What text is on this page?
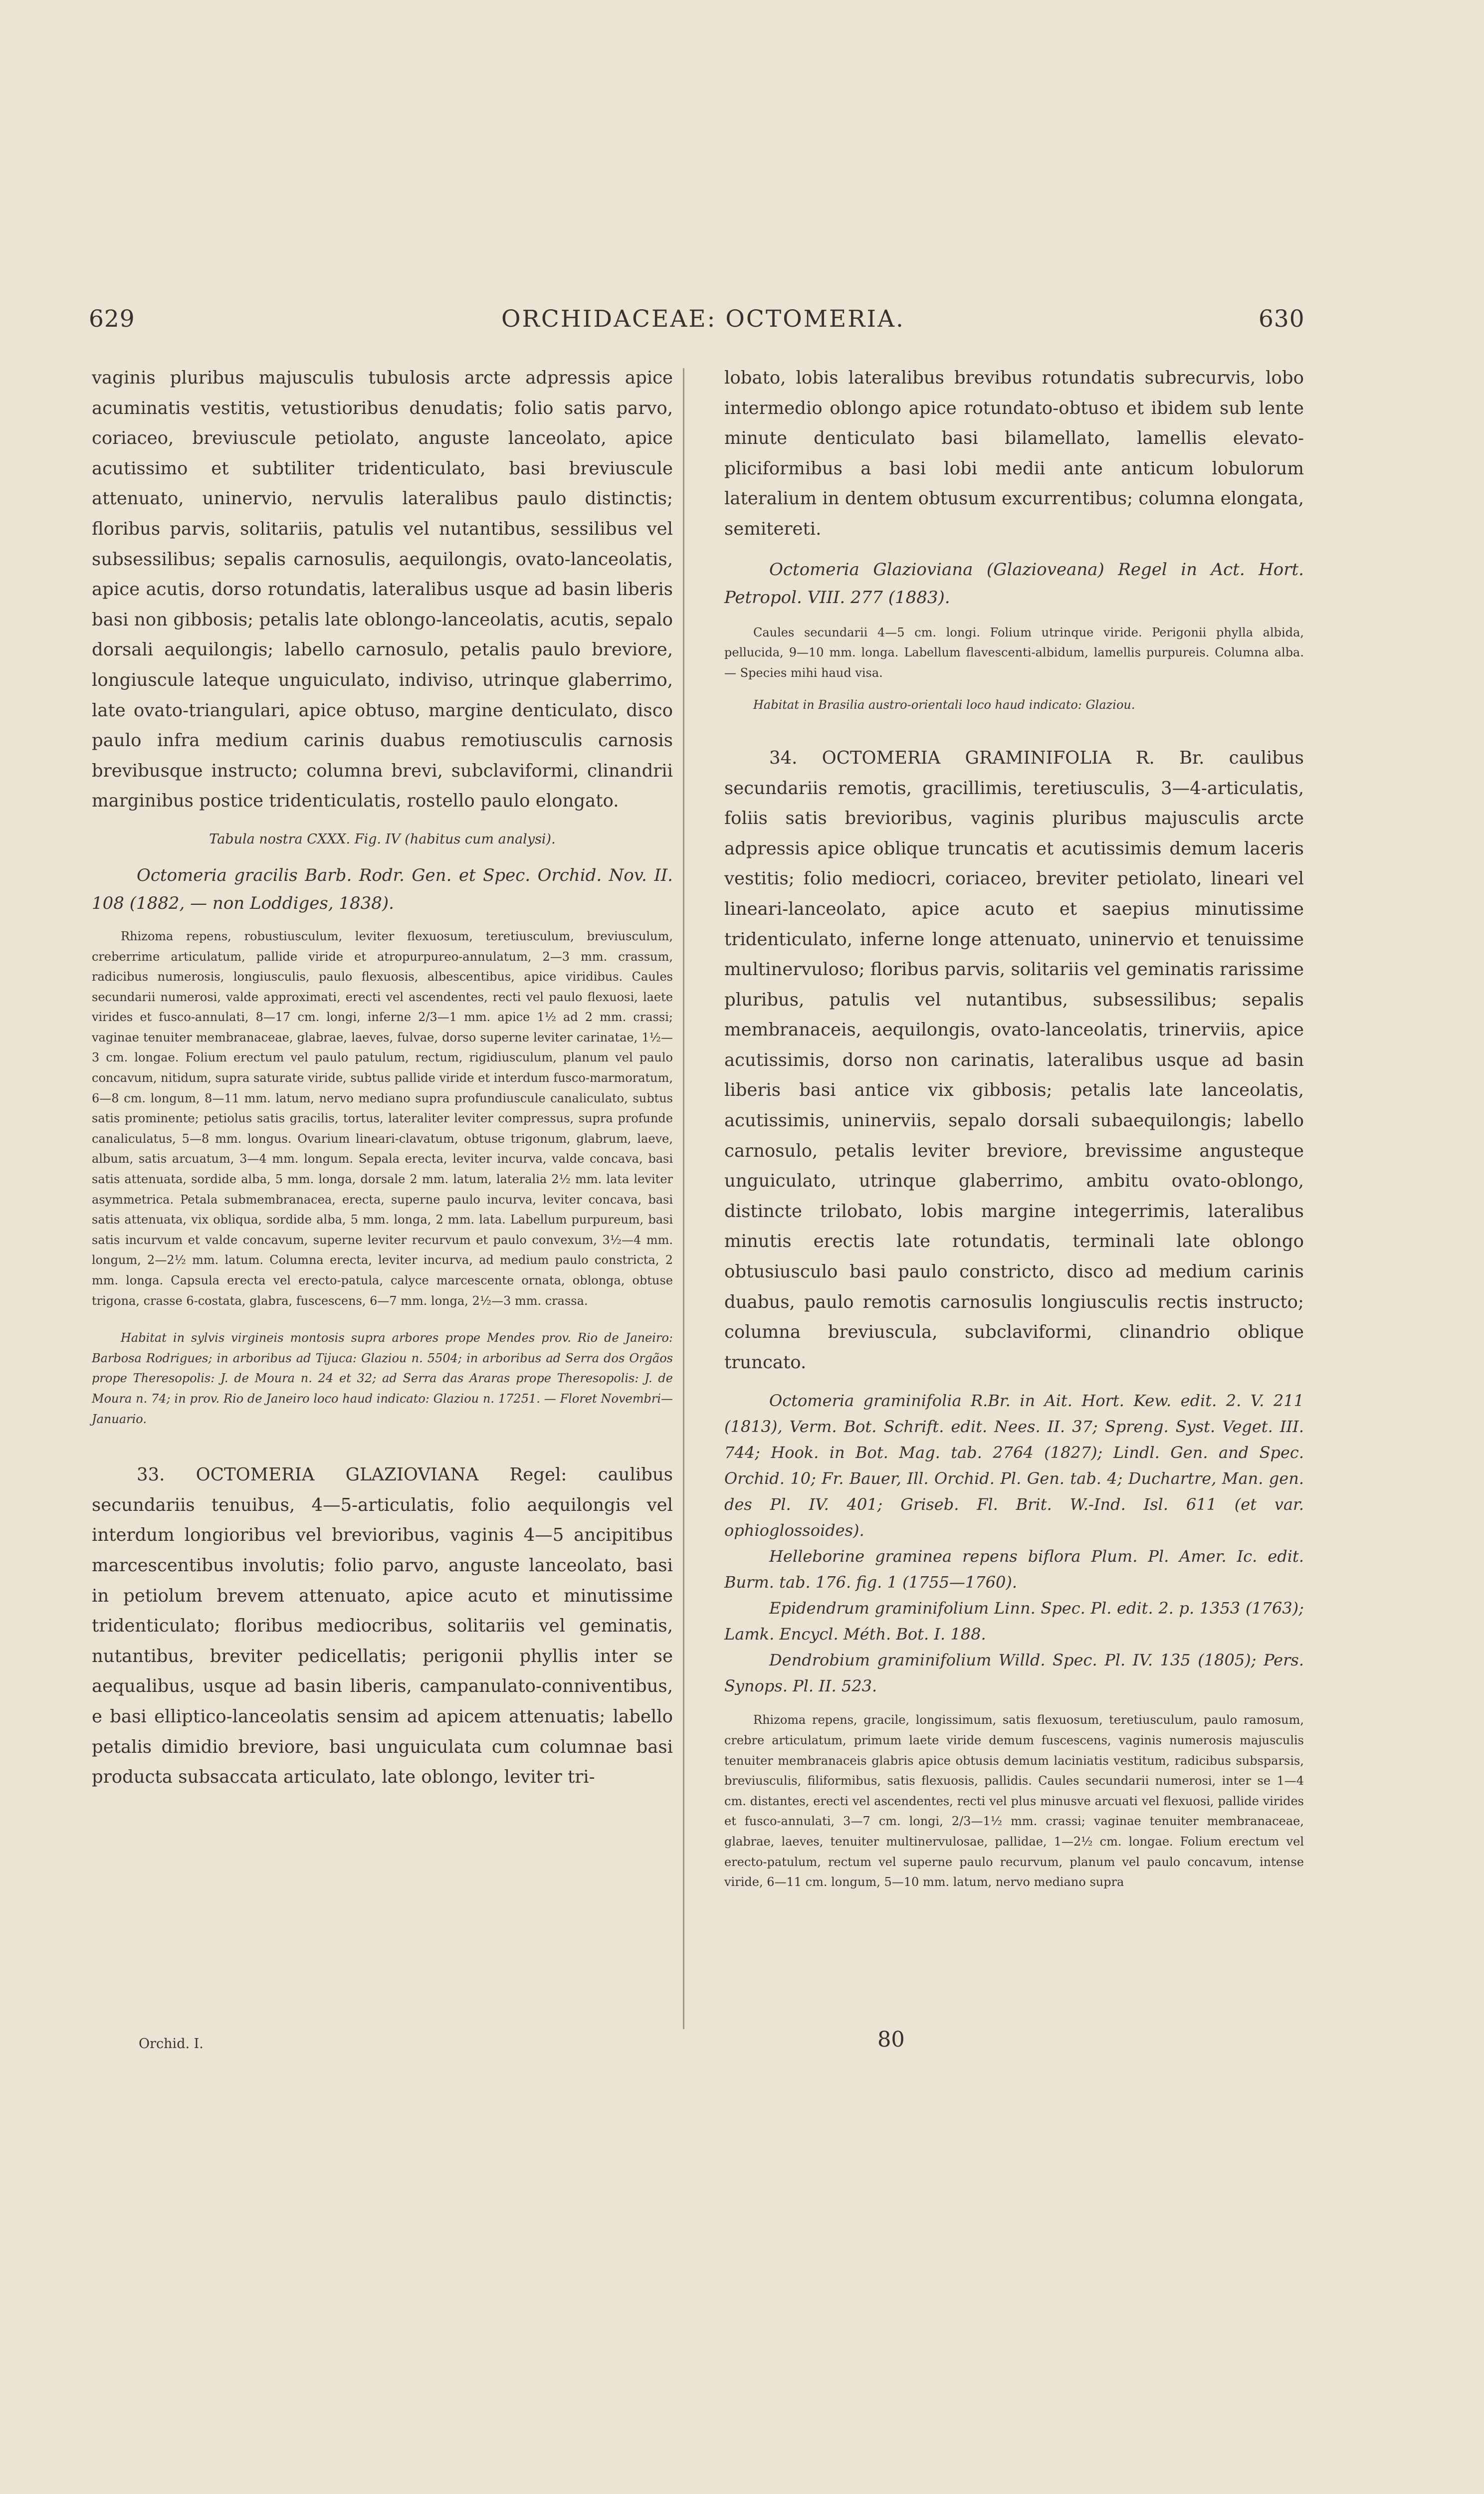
629	ORCHIDACEAE: OCTOMERIA.	630

vaginis pluribus majusculis tubulosis arcte adpressis apice acuminatis vestitis, vetustioribus denudatis; folio satis parvo, coriaceo, breviuscule petiolato, anguste lanceolato, apice acutissimo et subtiliter tridenticulato, basi breviuscule attenuato, uninervio, nervulis lateralibus paulo distinctis; floribus parvis, solitariis, patulis vel nutantibus, sessilibus vel subsessilibus; sepalis carnosulis, aequilongis, ovato-lanceolatis, apice acutis, dorso rotundatis, lateralibus usque ad basin liberis basi non gibbosis; petalis late oblongo-lanceolatis, acutis, sepalo dorsali aequilongis; labello carnosulo, petalis paulo breviore, longiuscule lateque unguiculato, indiviso, utrinque glaberrimo, late ovato-triangulari, apice obtuso, margine denticulato, disco paulo infra medium carinis duabus remotiusculis carnosis brevibusque instructo; columna brevi, subclaviformi, clinandrii marginibus postice tridenticulatis, rostello paulo elongato.

Tabula nostra CXXX. Fig. IV (habitus cum analysi).

Octomeria gracilis Barb. Rodr. Gen. et Spec. Orchid. Nov. II. 108 (1882, — non Loddiges, 1838).

Rhizoma repens, robustiusculum, leviter flexuosum, teretiusculum, breviusculum, creberrime articulatum, pallide viride et atropurpureo-annulatum, 2—3 mm. crassum, radicibus numerosis, longiusculis, paulo flexuosis, albescentibus, apice viridibus. Caules secundarii numerosi, valde approximati, erecti vel ascendentes, recti vel paulo flexuosi, laete virides et fusco-annulati, 8—17 cm. longi, inferne 2/3—1 mm. apice 1½ ad 2 mm. crassi; vaginae tenuiter membranaceae, glabrae, laeves, fulvae, dorso superne leviter carinatae, 1½—3 cm. longae. Folium erectum vel paulo patulum, rectum, rigidiusculum, planum vel paulo concavum, nitidum, supra saturate viride, subtus pallide viride et interdum fusco-marmoratum, 6—8 cm. longum, 8—11 mm. latum, nervo mediano supra profundiuscule canaliculato, subtus satis prominente; petiolus satis gracilis, tortus, lateraliter leviter compressus, supra profunde canaliculatus, 5—8 mm. longus. Ovarium lineari-clavatum, obtuse trigonum, glabrum, laeve, album, satis arcuatum, 3—4 mm. longum. Sepala erecta, leviter incurva, valde concava, basi satis attenuata, sordide alba, 5 mm. longa, dorsale 2 mm. latum, lateralia 2½ mm. lata leviter asymmetrica. Petala submembranacea, erecta, superne paulo incurva, leviter concava, basi satis attenuata, vix obliqua, sordide alba, 5 mm. longa, 2 mm. lata. Labellum purpureum, basi satis incurvum et valde concavum, superne leviter recurvum et paulo convexum, 3½—4 mm. longum, 2—2½ mm. latum. Columna erecta, leviter incurva, ad medium paulo constricta, 2 mm. longa. Capsula erecta vel erecto-patula, calyce marcescente ornata, oblonga, obtuse trigona, crasse 6-costata, glabra, fuscescens, 6—7 mm. longa, 2½—3 mm. crassa.

Habitat in sylvis virgineis montosis supra arbores prope Mendes prov. Rio de Janeiro: Barbosa Rodrigues; in arboribus ad Tijuca: Glaziou n. 5504; in arboribus ad Serra dos Orgãos prope Theresopolis: J. de Moura n. 24 et 32; ad Serra das Araras prope Theresopolis: J. de Moura n. 74; in prov. Rio de Janeiro loco haud indicato: Glaziou n. 17251. — Floret Novembri—Januario.

33. OCTOMERIA GLAZIOVIANA Regel: caulibus secundariis tenuibus, 4—5-articulatis, folio aequilongis vel interdum longioribus vel brevioribus, vaginis 4—5 ancipitibus marcescentibus involutis; folio parvo, anguste lanceolato, basi in petiolum brevem attenuato, apice acuto et minutissime tridenticulato; floribus mediocribus, solitariis vel geminatis, nutantibus, breviter pedicellatis; perigonii phyllis inter se aequalibus, usque ad basin liberis, campanulato-conniventibus, e basi elliptico-lanceolatis sensim ad apicem attenuatis; labello petalis dimidio breviore, basi unguiculata cum columnae basi producta subsaccata articulato, late oblongo, leviter tri-

lobato, lobis lateralibus brevibus rotundatis subrecurvis, lobo intermedio oblongo apice rotundato-obtuso et ibidem sub lente minute denticulato basi bilamellato, lamellis elevato-pliciformibus a basi lobi medii ante anticum lobulorum lateralium in dentem obtusum excurrentibus; columna elongata, semitereti.

Octomeria Glazioviana (Glazioveana) Regel in Act. Hort. Petropol. VIII. 277 (1883).

Caules secundarii 4—5 cm. longi. Folium utrinque viride. Perigonii phylla albida, pellucida, 9—10 mm. longa. Labellum flavescenti-albidum, lamellis purpureis. Columna alba. — Species mihi haud visa.

Habitat in Brasilia austro-orientali loco haud indicato: Glaziou.

34. OCTOMERIA GRAMINIFOLIA R. Br. caulibus secundariis remotis, gracillimis, teretiusculis, 3—4-articulatis, foliis satis brevioribus, vaginis pluribus majusculis arcte adpressis apice oblique truncatis et acutissimis demum laceris vestitis; folio mediocri, coriaceo, breviter petiolato, lineari vel lineari-lanceolato, apice acuto et saepius minutissime tridenticulato, inferne longe attenuato, uninervio et tenuissime multinervuloso; floribus parvis, solitariis vel geminatis rarissime pluribus, patulis vel nutantibus, subsessilibus; sepalis membranaceis, aequilongis, ovato-lanceolatis, trinerviis, apice acutissimis, dorso non carinatis, lateralibus usque ad basin liberis basi antice vix gibbosis; petalis late lanceolatis, acutissimis, uninerviis, sepalo dorsali subaequilongis; labello carnosulo, petalis leviter breviore, brevissime angusteque unguiculato, utrinque glaberrimo, ambitu ovato-oblongo, distincte trilobato, lobis margine integerrimis, lateralibus minutis erectis late rotundatis, terminali late oblongo obtusiusculo basi paulo constricto, disco ad medium carinis duabus, paulo remotis carnosulis longiusculis rectis instructo; columna breviuscula, subclaviformi, clinandrio oblique truncato.

Octomeria graminifolia R.Br. in Ait. Hort. Kew. edit. 2. V. 211 (1813), Verm. Bot. Schrift. edit. Nees. II. 37; Spreng. Syst. Veget. III. 744; Hook. in Bot. Mag. tab. 2764 (1827); Lindl. Gen. and Spec. Orchid. 10; Fr. Bauer, Ill. Orchid. Pl. Gen. tab. 4; Duchartre, Man. gen. des Pl. IV. 401; Griseb. Fl. Brit. W.-Ind. Isl. 611 (et var. ophioglossoides).

Helleborine graminea repens biflora Plum. Pl. Amer. Ic. edit. Burm. tab. 176. fig. 1 (1755—1760).

Epidendrum graminifolium Linn. Spec. Pl. edit. 2. p. 1353 (1763); Lamk. Encycl. Méth. Bot. I. 188.

Dendrobium graminifolium Willd. Spec. Pl. IV. 135 (1805); Pers. Synops. Pl. II. 523.

Rhizoma repens, gracile, longissimum, satis flexuosum, teretiusculum, paulo ramosum, crebre articulatum, primum laete viride demum fuscescens, vaginis numerosis majusculis tenuiter membranaceis glabris apice obtusis demum laciniatis vestitum, radicibus subsparsis, breviusculis, filiformibus, satis flexuosis, pallidis. Caules secundarii numerosi, inter se 1—4 cm. distantes, erecti vel ascendentes, recti vel plus minusve arcuati vel flexuosi, pallide virides et fusco-annulati, 3—7 cm. longi, 2/3—1½ mm. crassi; vaginae tenuiter membranaceae, glabrae, laeves, tenuiter multinervulosae, pallidae, 1—2½ cm. longae. Folium erectum vel erecto-patulum, rectum vel superne paulo recurvum, planum vel paulo concavum, intense viride, 6—11 cm. longum, 5—10 mm. latum, nervo mediano supra

Orchid. I.	80
